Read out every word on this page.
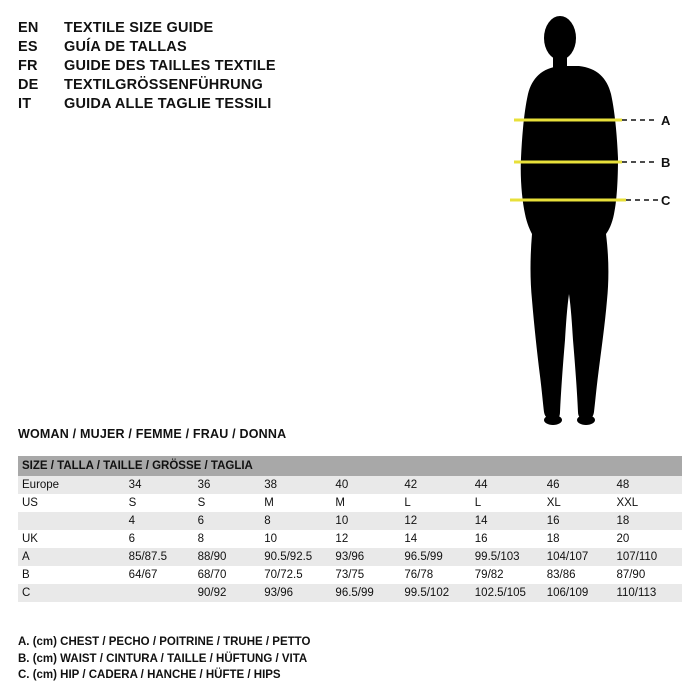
EN	TEXTILE SIZE GUIDE
ES	GUÍA DE TALLAS
FR	GUIDE DES TAILLES TEXTILE
DE	TEXTILGRÖSSENFÜHRUNG
IT	GUIDA ALLE TAGLIE TESSILI
A
B
C
WOMAN / MUJER / FEMME / FRAU / DONNA
SIZE / TALLA / TAILLE / GRÖSSE / TAGLIA								
Europe	34	36	38	40	42	44	46	48
US	S	S	M	M	L	L	XL	XXL
	4	6	8	10	12	14	16	18
UK	6	8	10	12	14	16	18	20
A	85/87.5	88/90	90.5/92.5	93/96	96.5/99	99.5/103	104/107	107/110
B	64/67	68/70	70/72.5	73/75	76/78	79/82	83/86	87/90
C		90/92	93/96	96.5/99	99.5/102	102.5/105	106/109	110/113
A. (cm) CHEST / PECHO / POITRINE / TRUHE / PETTO
B. (cm) WAIST / CINTURA / TAILLE / HÜFTUNG / VITA
C. (cm) HIP / CADERA / HANCHE / HÜFTE / HIPS
